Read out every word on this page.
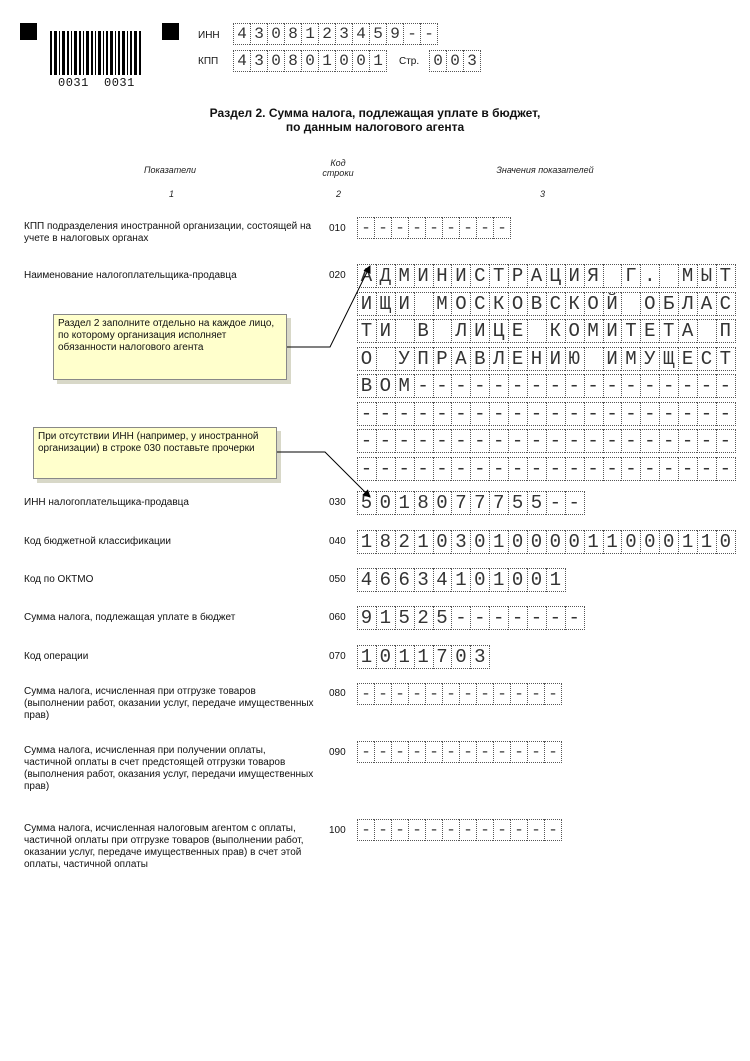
0031 0031
ИНН 4 3 0 8 1 2 3 4 5 9 - -
КПП 4 3 0 8 0 1 0 0 1	Стр. 0 0 3
Раздел 2. Сумма налога, подлежащая уплате в бюджет,
по данным налогового агента
Показатели
Код
строки	Значения показателей
1	2	3
КПП подразделения иностранной организации, состоящей на учете в налоговых органах
010 - - - - - - - - -
Наименование налогоплательщика-продавца	020 А Д М И Н И С Т Р А Ц И Я Г . М Ы Т
И Щ И М О С К О В С К О Й О Б Л А С
Т И В Л И Ц Е К О М И Т Е Т А П
О У П Р А В Л Е Н И Ю И М У Щ Е С Т
В О М - - - - - - - - - - - - - - - - -
- - - - - - - - - - - - - - - - - - - -
- - - - - - - - - - - - - - - - - - - -
- - - - - - - - - - - - - - - - - - - -
ИНН налогоплательщика-продавца	030 5 0 1 8 0 7 7 7 5 5 - -
Код бюджетной классификации	040 1 8 2 1 0 3 0 1 0 0 0 0 1 1 0 0 0 1 1 0
Код по ОКТМО	050 4 6 6 3 4 1 0 1 0 0 1
Сумма налога, подлежащая уплате в бюджет	060 9 1 5 2 5 - - - - - - -
Код операции	070 1 0 1 1 7 0 3
Сумма налога, исчисленная при отгрузке товаров (выполнении работ, оказании услуг, передаче имущественных прав)
080 - - - - - - - - - - - -
Сумма налога, исчисленная при получении оплаты, частичной оплаты в счет предстоящей отгрузки товаров (выполнения работ, оказания услуг, передачи имущественных прав)
090 - - - - - - - - - - - -
Сумма налога, исчисленная налоговым агентом с оплаты, частичной оплаты при отгрузке товаров (выполнении работ, оказании услуг, передаче имущественных прав) в счет этой оплаты, частичной оплаты
100 - - - - - - - - - - - -
Раздел 2 заполните отдельно на каждое лицо, по которому организация исполняет обязанности налогового агента
При отсутствии ИНН (например, у иностранной организации) в строке 030 поставьте прочерки
